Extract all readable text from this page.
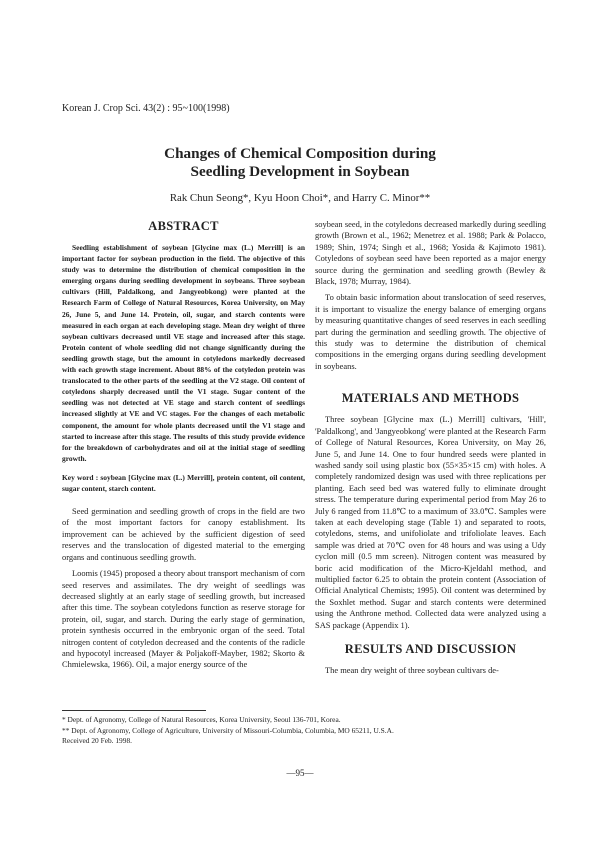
Korean J. Crop Sci. 43(2) : 95~100(1998)
Changes of Chemical Composition during
Seedling Development in Soybean
Rak Chun Seong*, Kyu Hoon Choi*, and Harry C. Minor**
ABSTRACT

Seedling establishment of soybean [Glycine max (L.) Merrill] is an important factor for soybean production in the field. The objective of this study was to determine the distribution of chemical composition in the emerging organs during seedling development in soybeans. Three soybean cultivars (Hill, Paldalkong, and Jangyeobkong) were planted at the Research Farm of College of Natural Resources, Korea University, on May 26, June 5, and June 14. Protein, oil, sugar, and starch contents were measured in each organ at each developing stage. Mean dry weight of three soybean cultivars decreased until VE stage and increased after this stage. Protein content of whole seedling did not change significantly during the seedling growth stage, but the amount in cotyledons markedly decreased with each growth stage increment. About 88% of the cotyledon protein was translocated to the other parts of the seedling at the V2 stage. Oil content of cotyledons sharply decreased until the V1 stage. Sugar content of the seedling was not detected at VE stage and starch content of seedlings increased slightly at VE and VC stages. For the changes of each metabolic component, the amount for whole plants decreased until the V1 stage and started to increase after this stage. The results of this study provide evidence for the breakdown of carbohydrates and oil at the initial stage of seedling growth.

Key word : soybean [Glycine max (L.) Merrill], protein content, oil content, sugar content, starch content.

Seed germination and seedling growth of crops in the field are two of the most important factors for canopy establishment. Its improvement can be achieved by the sufficient digestion of seed reserves and the translocation of digested material to the emerging organs and continuous seedling growth.

Loomis (1945) proposed a theory about transport mechanism of corn seed reserves and assimilates. The dry weight of seedlings was decreased slightly at an early stage of seedling growth, but increased after this time. The soybean cotyledons function as reserve storage for protein, oil, sugar, and starch. During the early stage of germination, protein synthesis occurred in the embryonic organ of the seed. Total nitrogen content of cotyledon decreased and the contents of the radicle and hypocotyl increased (Mayer & Poljakoff-Mayber, 1982; Skorto & Chmielewska, 1966). Oil, a major energy source of the

soybean seed, in the cotyledons decreased markedly during seedling growth (Brown et al., 1962; Menetrez et al. 1988; Park & Polacco, 1989; Shin, 1974; Singh et al., 1968; Yosida & Kajimoto 1981). Cotyledons of soybean seed have been reported as a major energy source during the germination and seedling growth (Bewley & Black, 1978; Murray, 1984).

To obtain basic information about translocation of seed reserves, it is important to visualize the energy balance of emerging organs by measuring quantitative changes of seed reserves in each seedling part during the germination and seedling growth. The objective of this study was to determine the distribution of chemical compositions in the emerging organs during seedling development in soybeans.

MATERIALS AND METHODS

Three soybean [Glycine max (L.) Merrill] cultivars, 'Hill', 'Paldalkong', and 'Jangyeobkong' were planted at the Research Farm of College of Natural Resources, Korea University, on May 26, June 5, and June 14. One to four hundred seeds were planted in washed sandy soil using plastic box (55×35×15 cm) with holes. A completely randomized design was used with three replications per planting. Each seed bed was watered fully to eliminate drought stress. The temperature during experimental period from May 26 to July 6 ranged from 11.8℃ to a maximum of 33.0℃. Samples were taken at each developing stage (Table 1) and separated to roots, cotyledons, stems, and unifoliolate and trifoliolate leaves. Each sample was dried at 70℃ oven for 48 hours and was using a Udy cyclon mill (0.5 mm screen). Nitrogen content was measured by boric acid modification of the Micro-Kjeldahl method, and multiplied factor 6.25 to obtain the protein content (Association of Official Analytical Chemists; 1995). Oil content was determined by the Soxhlet method. Sugar and starch contents were determined using the Anthrone method. Collected data were analyzed using a SAS package (Appendix 1).

RESULTS AND DISCUSSION

The mean dry weight of three soybean cultivars de-

* Dept. of Agronomy, College of Natural Resources, Korea University, Seoul 136-701, Korea.
** Dept. of Agronomy, College of Agriculture, University of Missouri-Columbia, Columbia, MO 65211, U.S.A.
Received 20 Feb. 1998.
—95—
